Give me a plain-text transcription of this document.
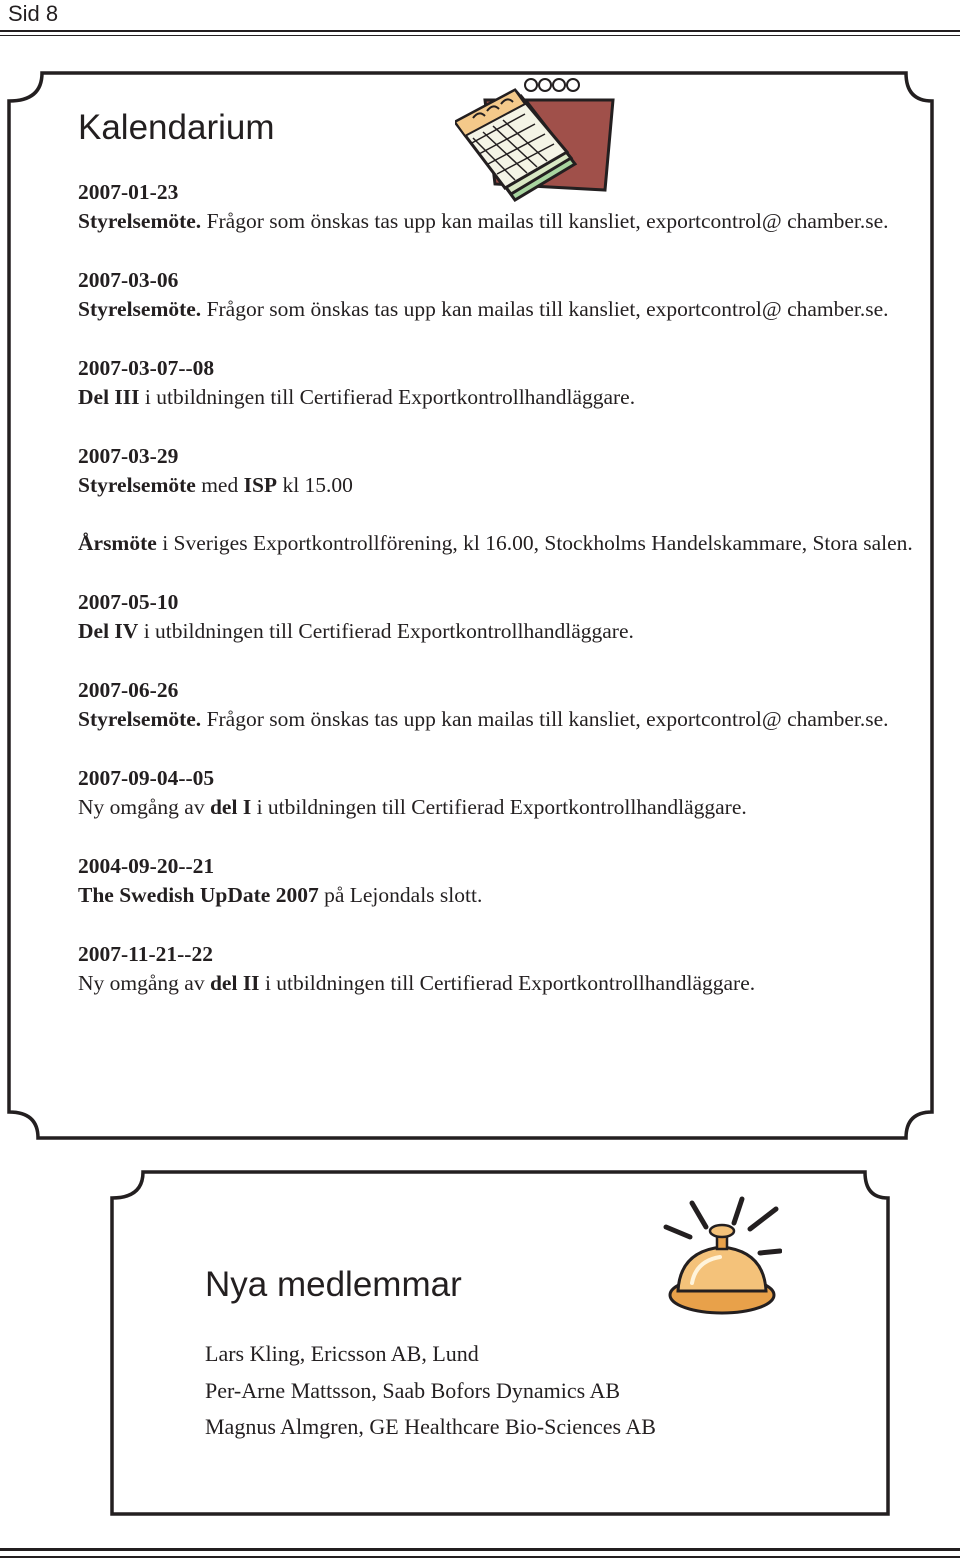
Sid 8
Kalendarium

2007-01-23
Styrelsemöte. Frågor som önskas tas upp kan mailas till kansliet, exportcontrol@ chamber.se.

2007-03-06
Styrelsemöte. Frågor som önskas tas upp kan mailas till kansliet, exportcontrol@ chamber.se.

2007-03-07--08
Del III i utbildningen till Certifierad Exportkontrollhandläggare.

2007-03-29
Styrelsemöte med ISP kl 15.00

Årsmöte i Sveriges Exportkontrollförening, kl 16.00, Stockholms Handelskammare, Stora salen.

2007-05-10
Del IV i utbildningen till Certifierad Exportkontrollhandläggare.

2007-06-26
Styrelsemöte. Frågor som önskas tas upp kan mailas till kansliet, exportcontrol@ chamber.se.

2007-09-04--05
Ny omgång av del I i utbildningen till Certifierad Exportkontrollhandläggare.

2004-09-20--21
The Swedish UpDate 2007 på Lejondals slott.

2007-11-21--22
Ny omgång av del II i utbildningen till Certifierad Exportkontrollhandläggare.

Nya medlemmar
Lars Kling, Ericsson AB, Lund
Per-Arne Mattsson, Saab Bofors Dynamics AB
Magnus Almgren, GE Healthcare Bio-Sciences AB
